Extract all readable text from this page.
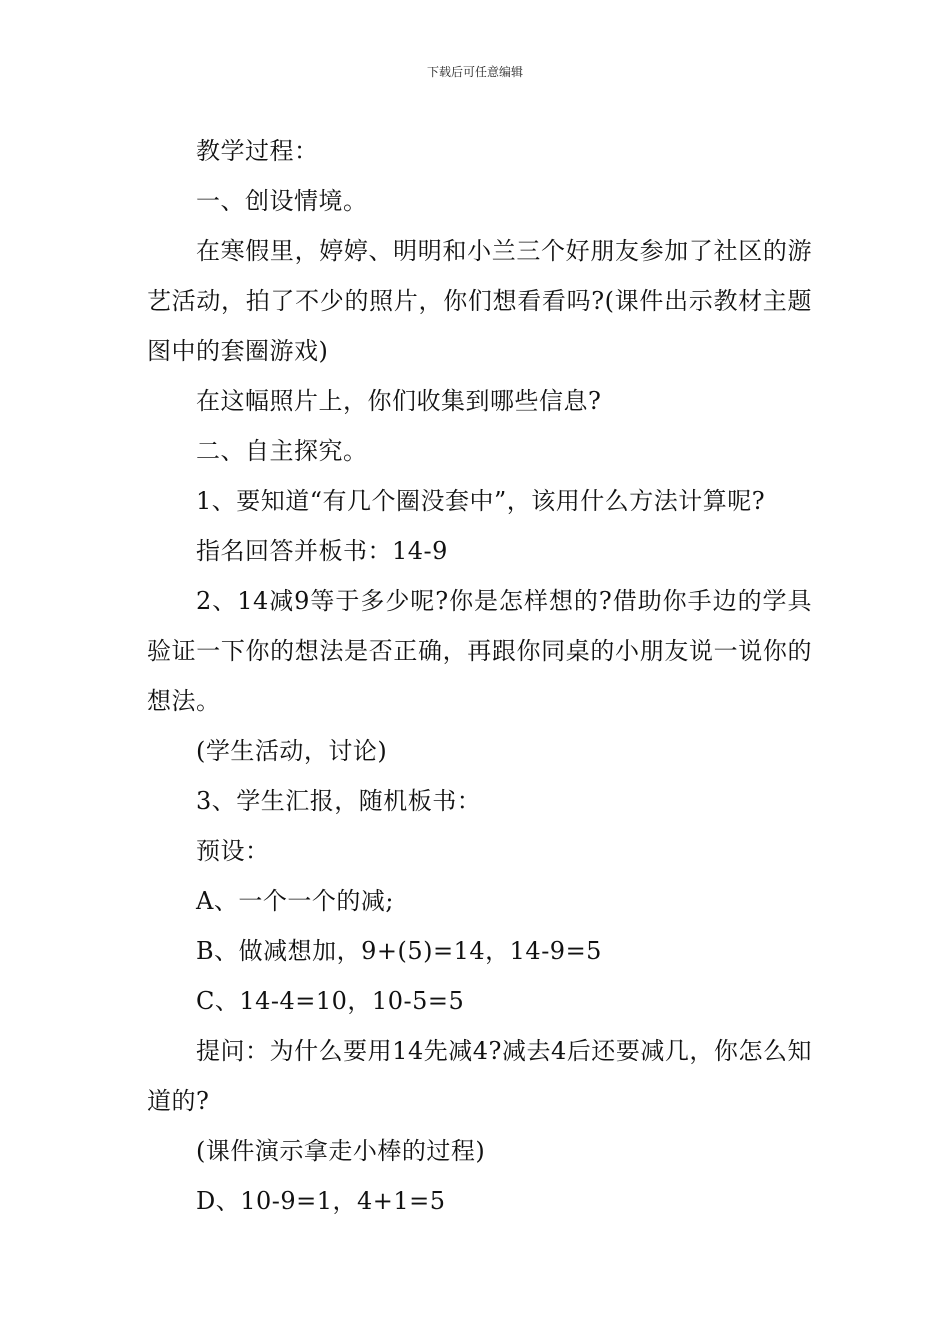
下载后可任意编辑

教学过程：

一、创设情境。

在寒假里，婷婷、明明和小兰三个好朋友参加了社区的游艺活动，拍了不少的照片，你们想看看吗?(课件出示教材主题图中的套圈游戏)

在这幅照片上，你们收集到哪些信息?

二、自主探究。

1、要知道“有几个圈没套中”，该用什么方法计算呢?

指名回答并板书：14-9

2、14减9等于多少呢?你是怎样想的?借助你手边的学具验证一下你的想法是否正确，再跟你同桌的小朋友说一说你的想法。

(学生活动，讨论)

3、学生汇报，随机板书：

预设：

A、一个一个的减;

B、做减想加，9+(5)=14，14-9=5

C、14-4=10，10-5=5

提问：为什么要用14先减4?减去4后还要减几，你怎么知道的?

(课件演示拿走小棒的过程)

D、10-9=1，4+1=5
